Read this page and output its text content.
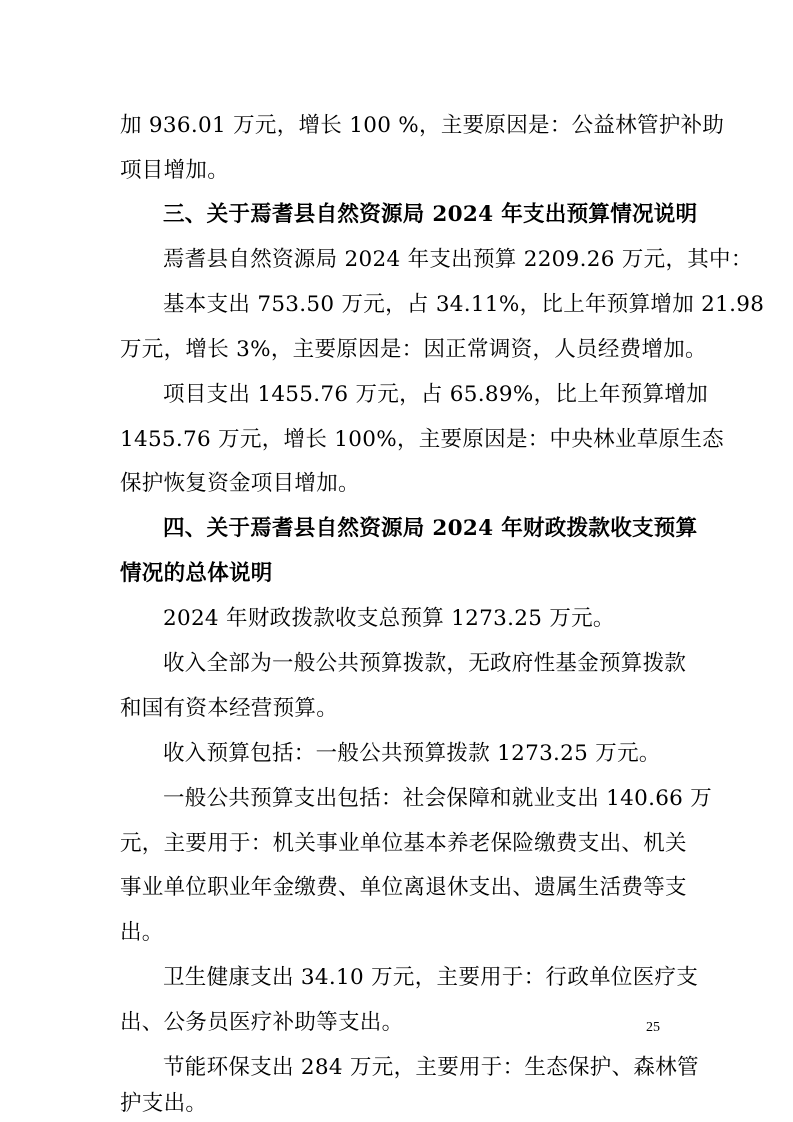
加 936.01 万元，增长 100 %，主要原因是：公益林管护补助
项目增加。
三、关于焉耆县自然资源局 2024 年支出预算情况说明
焉耆县自然资源局 2024 年支出预算 2209.26 万元，其中：
基本支出 753.50 万元，占 34.11%，比上年预算增加 21.98
万元，增长 3%，主要原因是：因正常调资，人员经费增加。
项目支出 1455.76 万元，占 65.89%，比上年预算增加
1455.76 万元，增长 100%，主要原因是：中央林业草原生态
保护恢复资金项目增加。
四、关于焉耆县自然资源局 2024 年财政拨款收支预算
情况的总体说明
2024 年财政拨款收支总预算 1273.25 万元。
收入全部为一般公共预算拨款，无政府性基金预算拨款
和国有资本经营预算。
收入预算包括：一般公共预算拨款 1273.25 万元。
一般公共预算支出包括：社会保障和就业支出 140.66 万
元，主要用于：机关事业单位基本养老保险缴费支出、机关
事业单位职业年金缴费、单位离退休支出、遗属生活费等支
出。
卫生健康支出 34.10 万元，主要用于：行政单位医疗支
出、公务员医疗补助等支出。
节能环保支出 284 万元，主要用于：生态保护、森林管
护支出。
25
